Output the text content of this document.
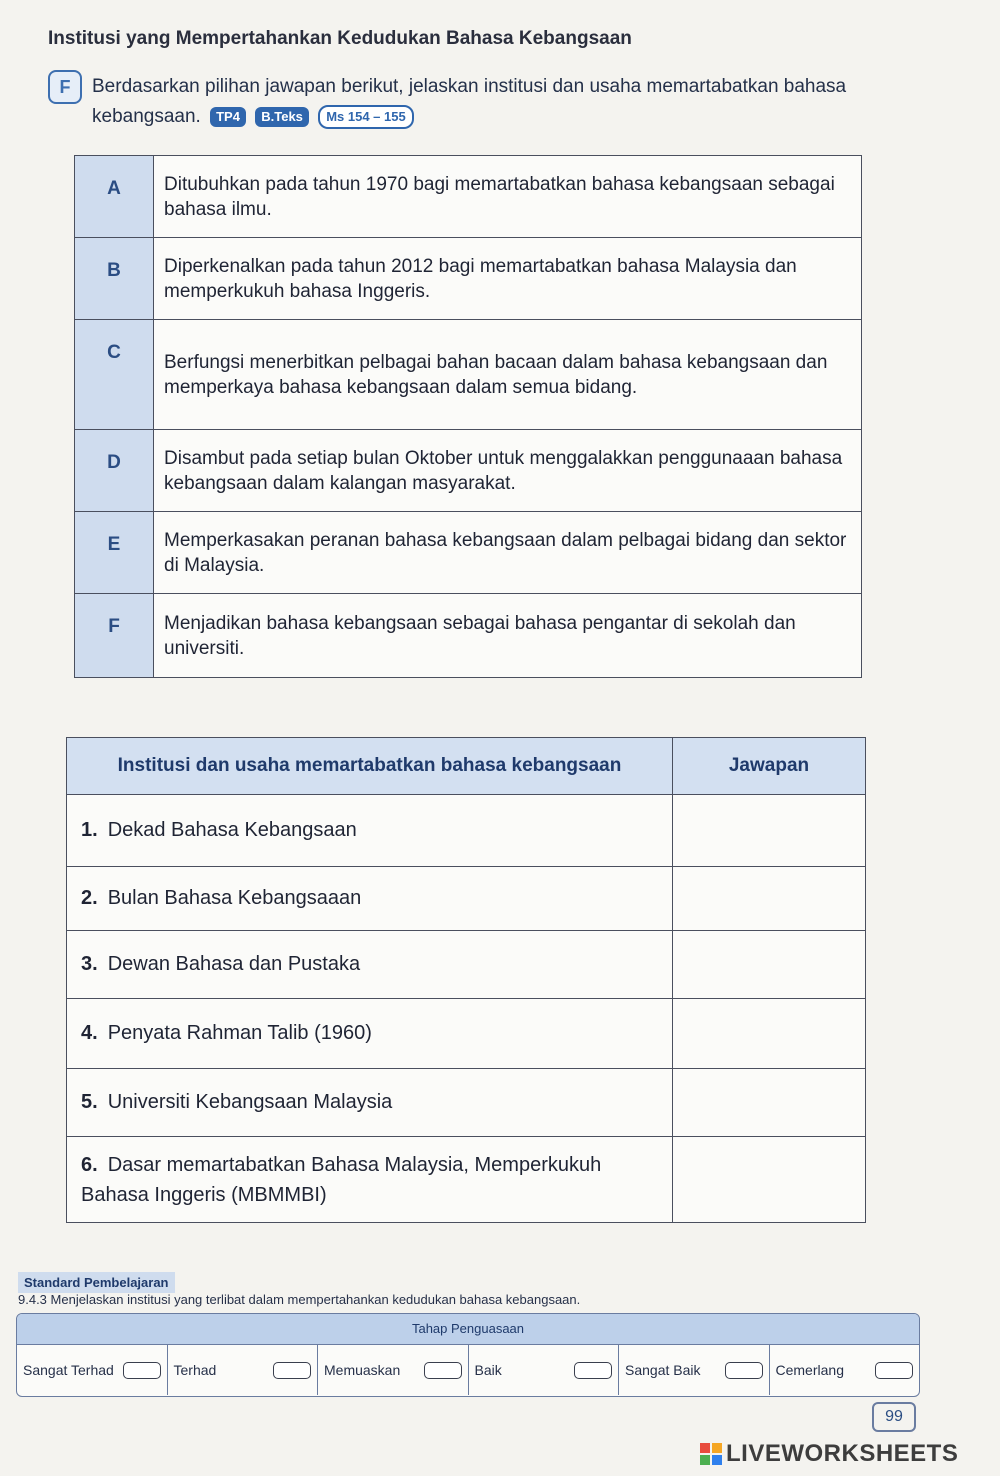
Institusi yang Mempertahankan Kedudukan Bahasa Kebangsaan
F	Berdasarkan pilihan jawapan berikut, jelaskan institusi dan usaha memartabatkan bahasa kebangsaan. TP4 B.Teks Ms 154 – 155
A	Ditubuhkan pada tahun 1970 bagi memartabatkan bahasa kebangsaan sebagai bahasa ilmu.
B	Diperkenalkan pada tahun 2012 bagi memartabatkan bahasa Malaysia dan memperkukuh bahasa Inggeris.
C	Berfungsi menerbitkan pelbagai bahan bacaan dalam bahasa kebangsaan dan memperkaya bahasa kebangsaan dalam semua bidang.
D	Disambut pada setiap bulan Oktober untuk menggalakkan penggunaaan bahasa kebangsaan dalam kalangan masyarakat.
E	Memperkasakan peranan bahasa kebangsaan dalam pelbagai bidang dan sektor di Malaysia.
F	Menjadikan bahasa kebangsaan sebagai bahasa pengantar di sekolah dan universiti.
Institusi dan usaha memartabatkan bahasa kebangsaan	Jawapan
1. Dekad Bahasa Kebangsaan	
2. Bulan Bahasa Kebangsaaan	
3. Dewan Bahasa dan Pustaka	
4. Penyata Rahman Talib (1960)	
5. Universiti Kebangsaan Malaysia	
6. Dasar memartabatkan Bahasa Malaysia, Memperkukuh Bahasa Inggeris (MBMMBI)	
Standard Pembelajaran
9.4.3 Menjelaskan institusi yang terlibat dalam mempertahankan kedudukan bahasa kebangsaan.
Tahap Penguasaan
Sangat Terhad	Terhad	Memuaskan	Baik	Sangat Baik	Cemerlang
99
LIVEWORKSHEETS
